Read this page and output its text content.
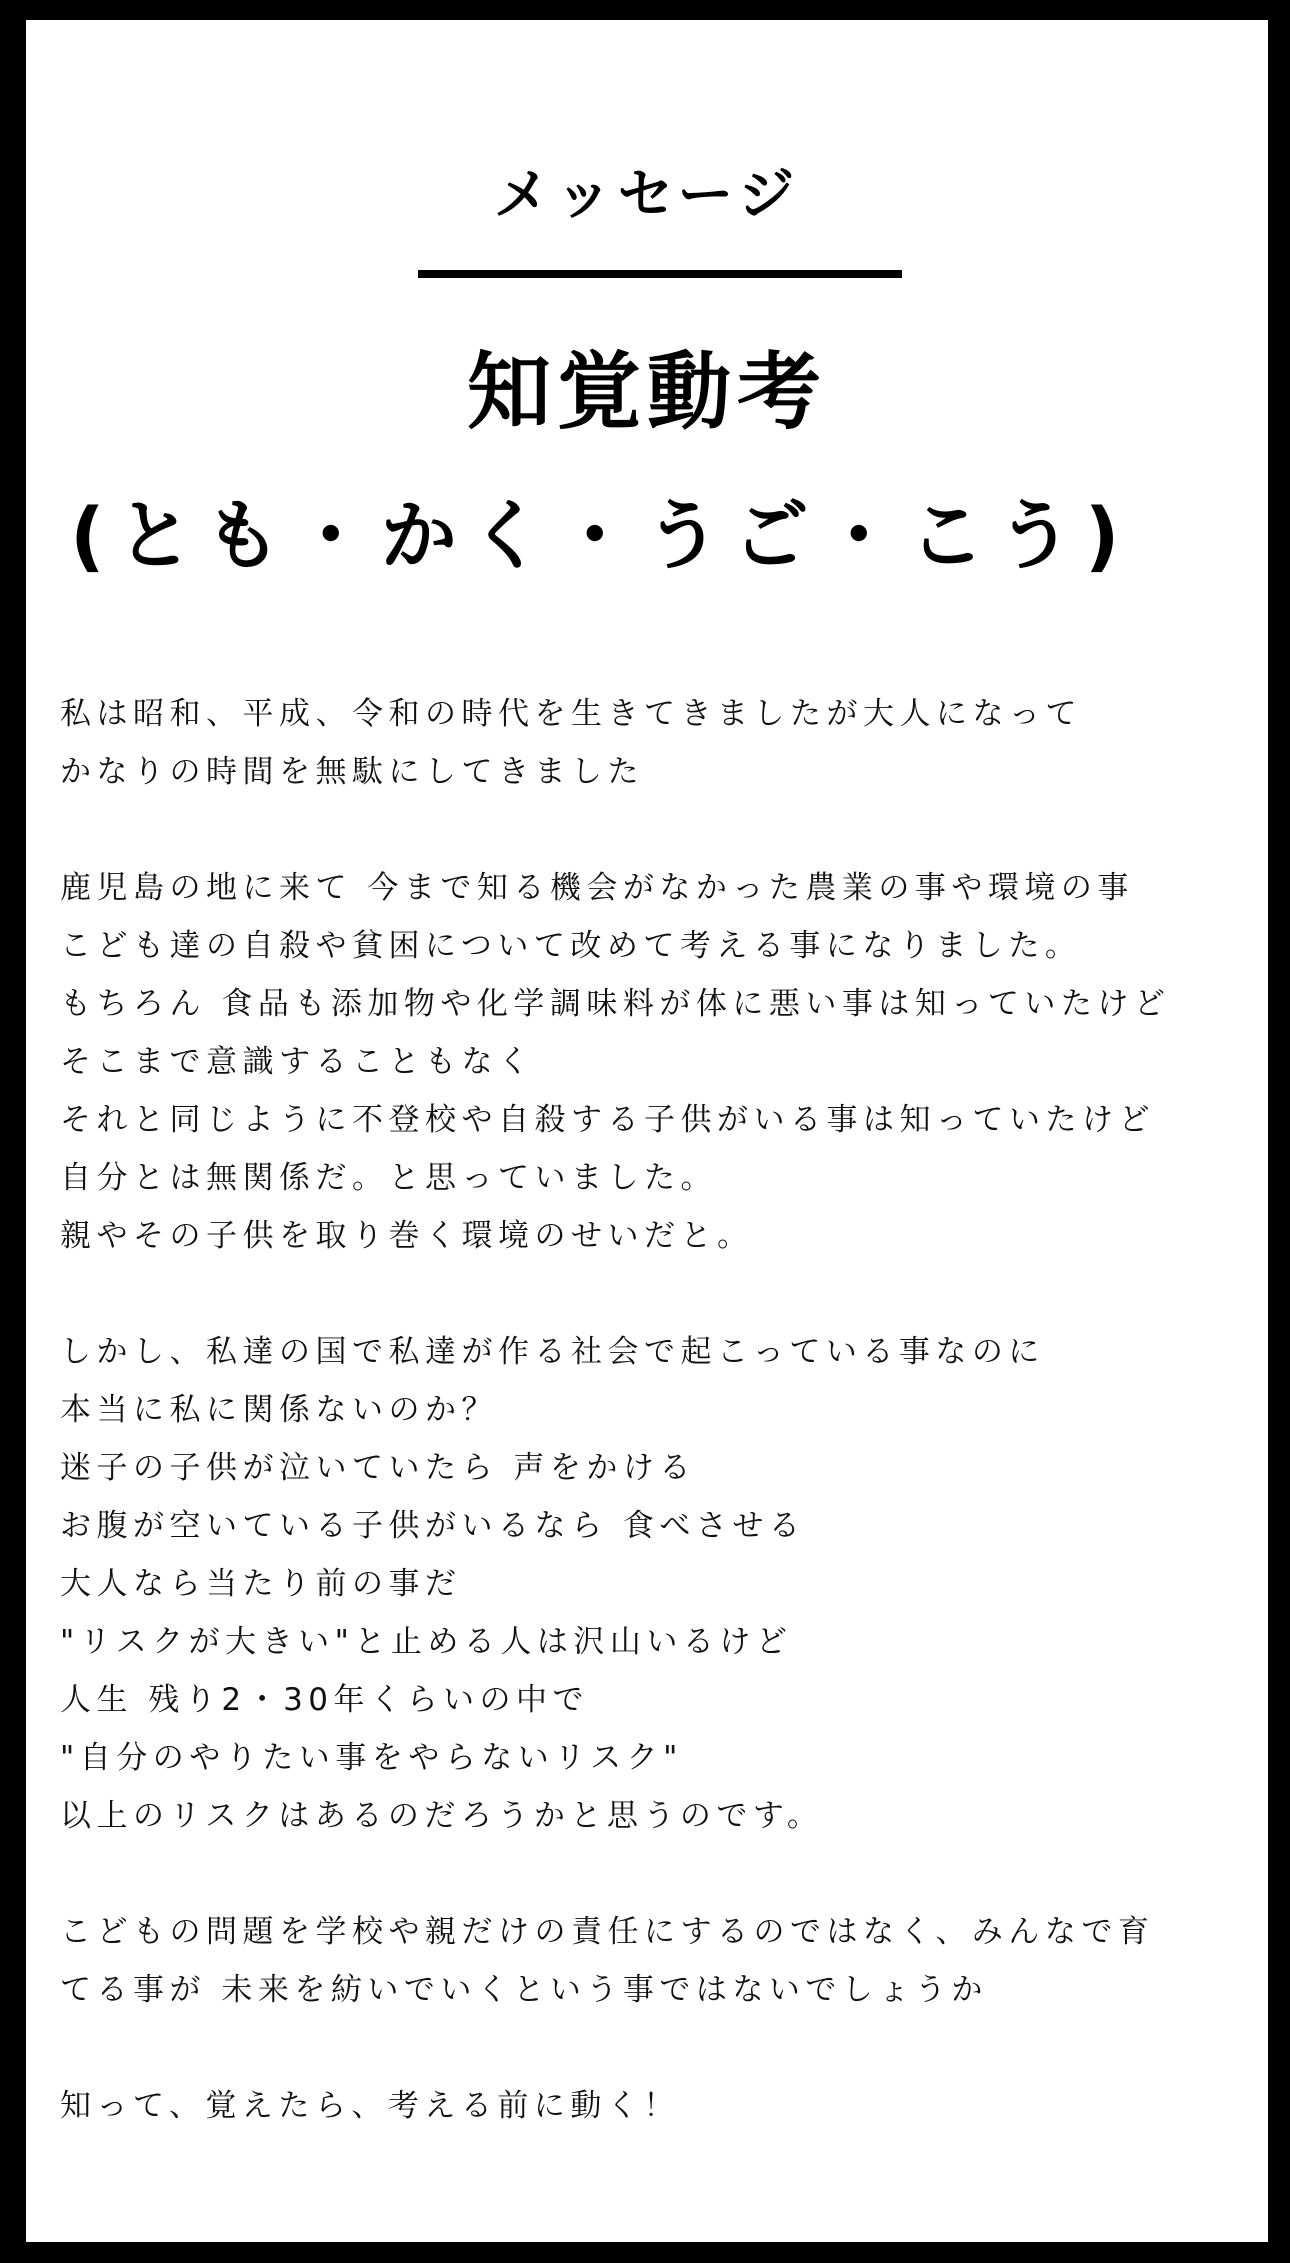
メッセージ
知覚動考
(とも・かく・うご・こう)
私は昭和、平成、令和の時代を生きてきましたが大人になって
かなりの時間を無駄にしてきました
鹿児島の地に来て 今まで知る機会がなかった農業の事や環境の事
こども達の自殺や貧困について改めて考える事になりました。
もちろん 食品も添加物や化学調味料が体に悪い事は知っていたけど
そこまで意識することもなく
それと同じように不登校や自殺する子供がいる事は知っていたけど
自分とは無関係だ。と思っていました。
親やその子供を取り巻く環境のせいだと。
しかし、私達の国で私達が作る社会で起こっている事なのに
本当に私に関係ないのか？
迷子の子供が泣いていたら 声をかける
お腹が空いている子供がいるなら 食べさせる
大人なら当たり前の事だ
"リスクが大きい"と止める人は沢山いるけど
人生 残り2・30年くらいの中で
"自分のやりたい事をやらないリスク"
以上のリスクはあるのだろうかと思うのです。
こどもの問題を学校や親だけの責任にするのではなく、みんなで育
てる事が 未来を紡いでいくという事ではないでしょうか
知って、覚えたら、考える前に動く！
